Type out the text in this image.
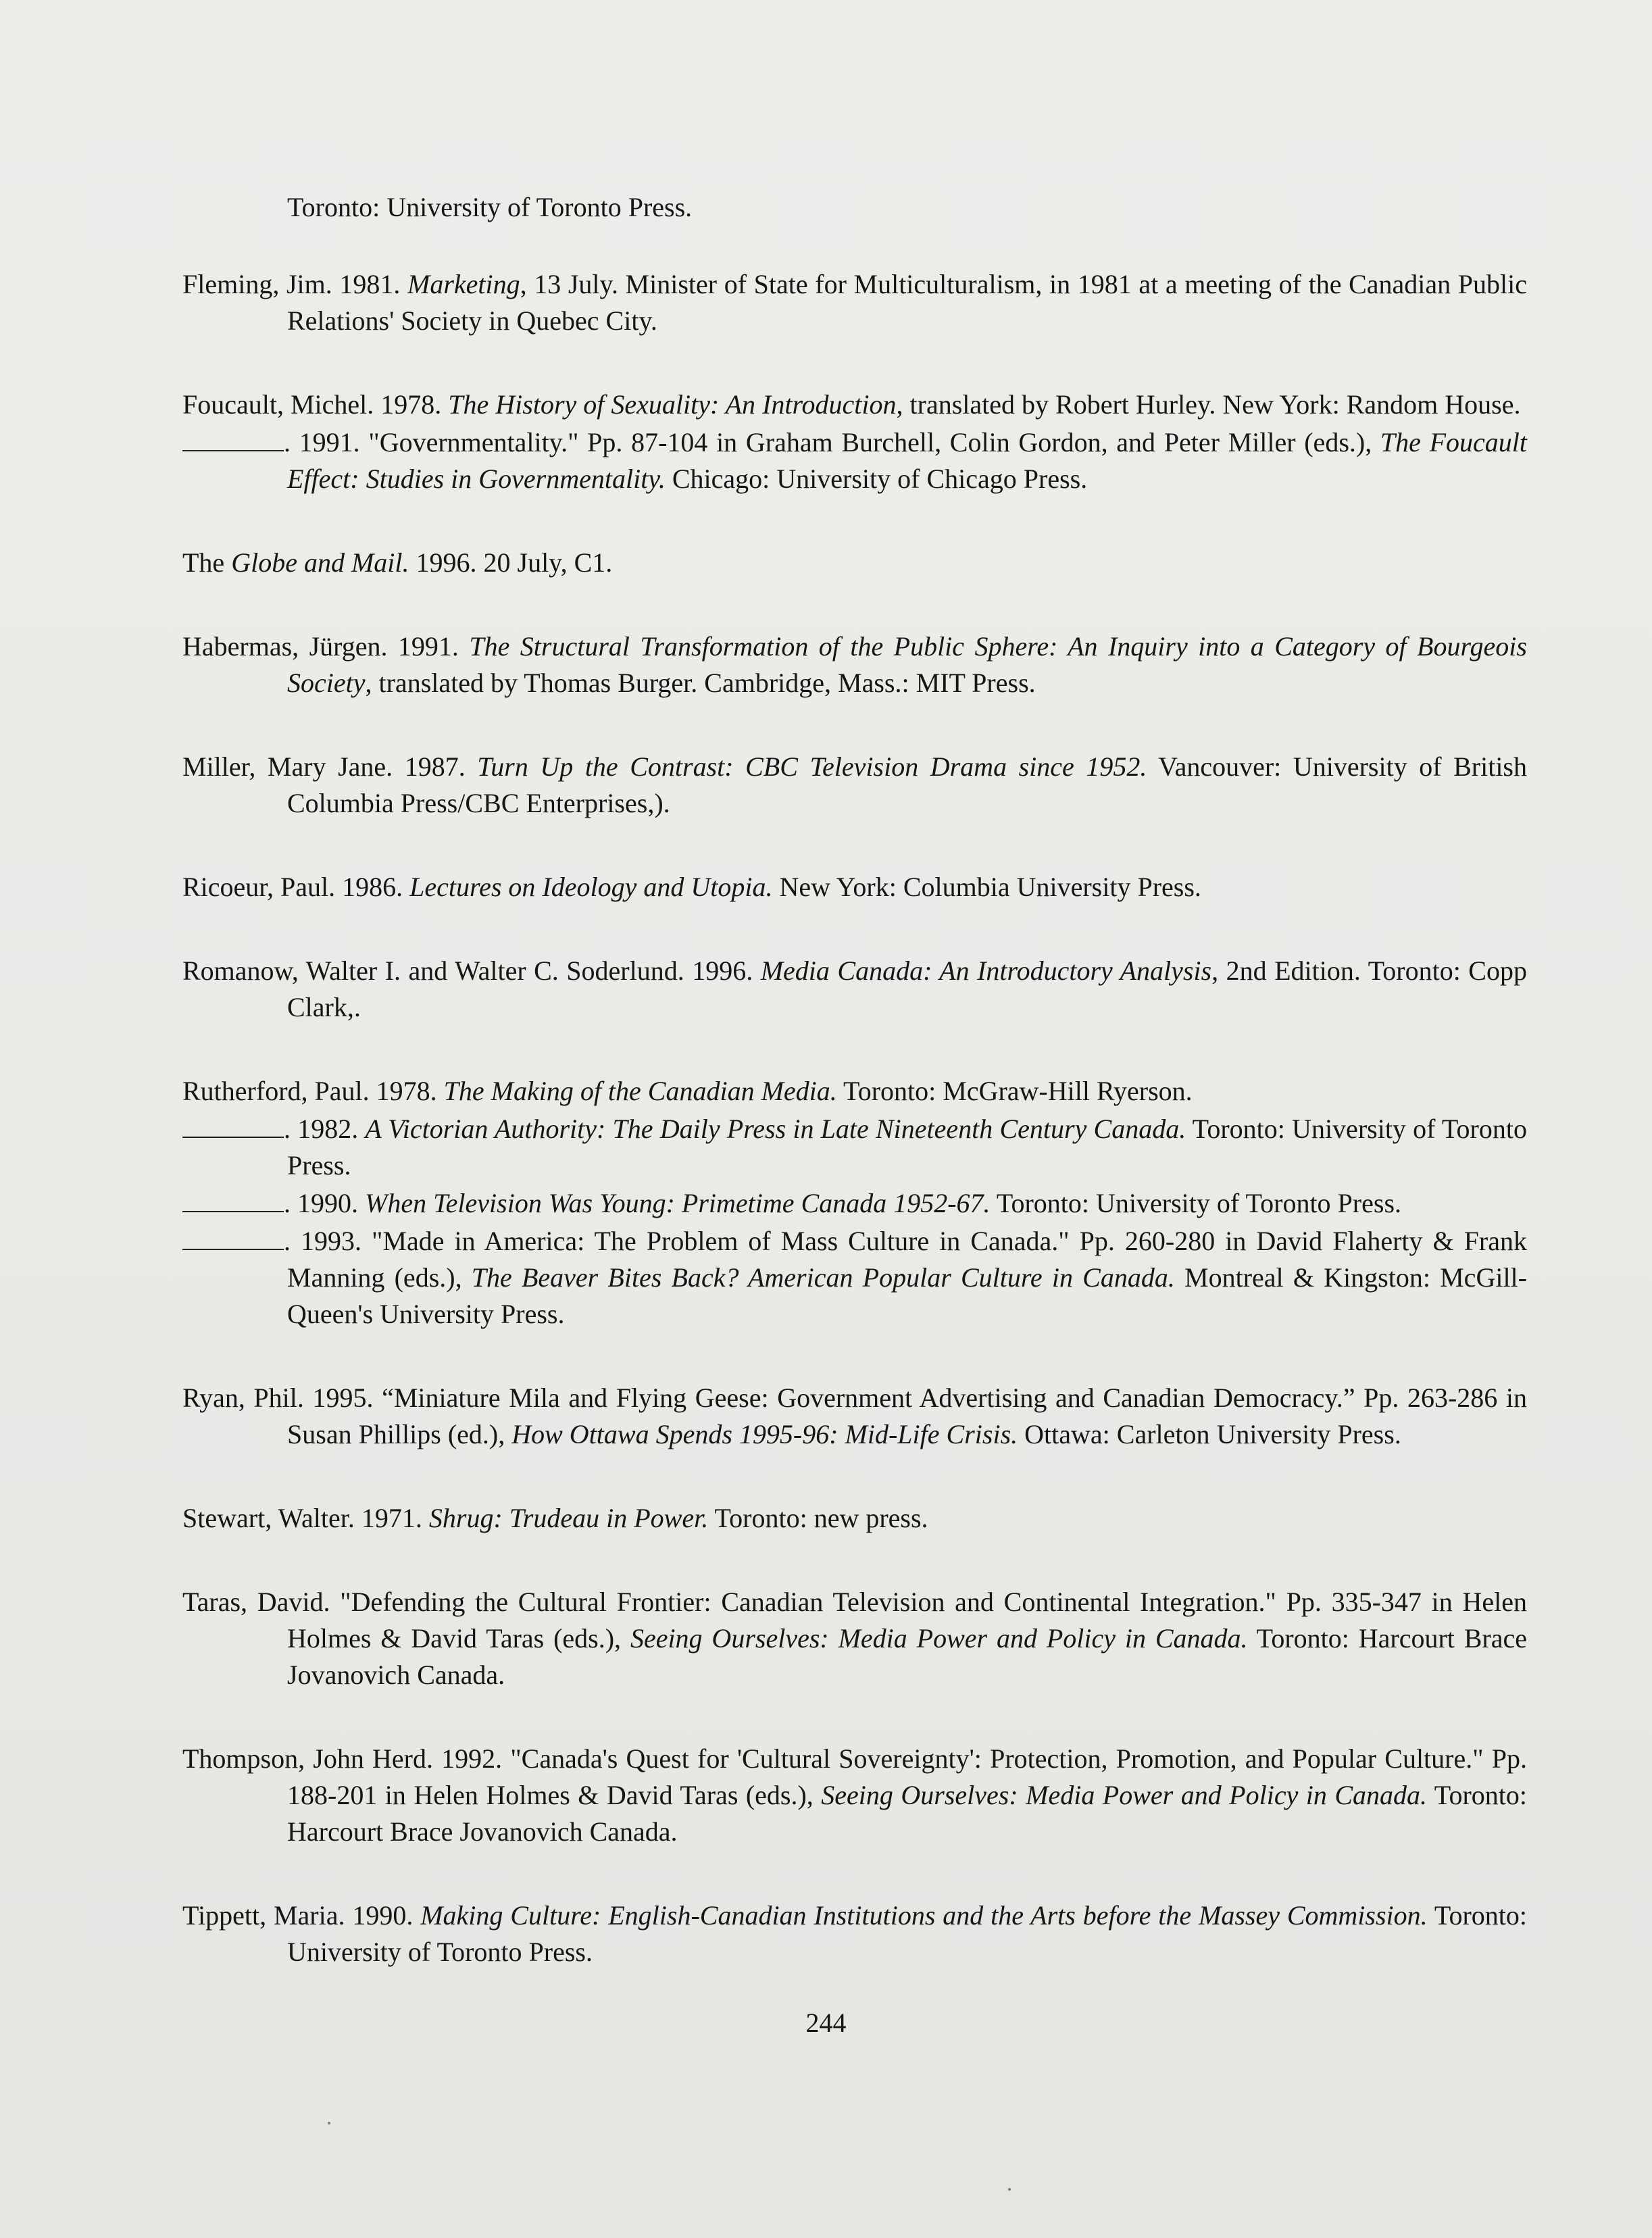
Toronto: University of Toronto Press.

Fleming, Jim. 1981. Marketing, 13 July. Minister of State for Multiculturalism, in 1981 at a meeting of the Canadian Public Relations' Society in Quebec City.

Foucault, Michel. 1978. The History of Sexuality: An Introduction, translated by Robert Hurley. New York: Random House.

. 1991. "Governmentality." Pp. 87-104 in Graham Burchell, Colin Gordon, and Peter Miller (eds.), The Foucault Effect: Studies in Governmentality. Chicago: University of Chicago Press.

The Globe and Mail. 1996. 20 July, C1.

Habermas, Jürgen. 1991. The Structural Transformation of the Public Sphere: An Inquiry into a Category of Bourgeois Society, translated by Thomas Burger. Cambridge, Mass.: MIT Press.

Miller, Mary Jane. 1987. Turn Up the Contrast: CBC Television Drama since 1952. Vancouver: University of British Columbia Press/CBC Enterprises,).

Ricoeur, Paul. 1986. Lectures on Ideology and Utopia. New York: Columbia University Press.

Romanow, Walter I. and Walter C. Soderlund. 1996. Media Canada: An Introductory Analysis, 2nd Edition. Toronto: Copp Clark,.

Rutherford, Paul. 1978. The Making of the Canadian Media. Toronto: McGraw-Hill Ryerson.

. 1982. A Victorian Authority: The Daily Press in Late Nineteenth Century Canada. Toronto: University of Toronto Press.

. 1990. When Television Was Young: Primetime Canada 1952-67. Toronto: University of Toronto Press.

. 1993. "Made in America: The Problem of Mass Culture in Canada." Pp. 260-280 in David Flaherty & Frank Manning (eds.), The Beaver Bites Back? American Popular Culture in Canada. Montreal & Kingston: McGill-Queen's University Press.

Ryan, Phil. 1995. “Miniature Mila and Flying Geese: Government Advertising and Canadian Democracy.” Pp. 263-286 in Susan Phillips (ed.), How Ottawa Spends 1995-96: Mid-Life Crisis. Ottawa: Carleton University Press.

Stewart, Walter. 1971. Shrug: Trudeau in Power. Toronto: new press.

Taras, David. "Defending the Cultural Frontier: Canadian Television and Continental Integration." Pp. 335-347 in Helen Holmes & David Taras (eds.), Seeing Ourselves: Media Power and Policy in Canada. Toronto: Harcourt Brace Jovanovich Canada.

Thompson, John Herd. 1992. "Canada's Quest for 'Cultural Sovereignty': Protection, Promotion, and Popular Culture." Pp. 188-201 in Helen Holmes & David Taras (eds.), Seeing Ourselves: Media Power and Policy in Canada. Toronto: Harcourt Brace Jovanovich Canada.

Tippett, Maria. 1990. Making Culture: English-Canadian Institutions and the Arts before the Massey Commission. Toronto: University of Toronto Press.

244
